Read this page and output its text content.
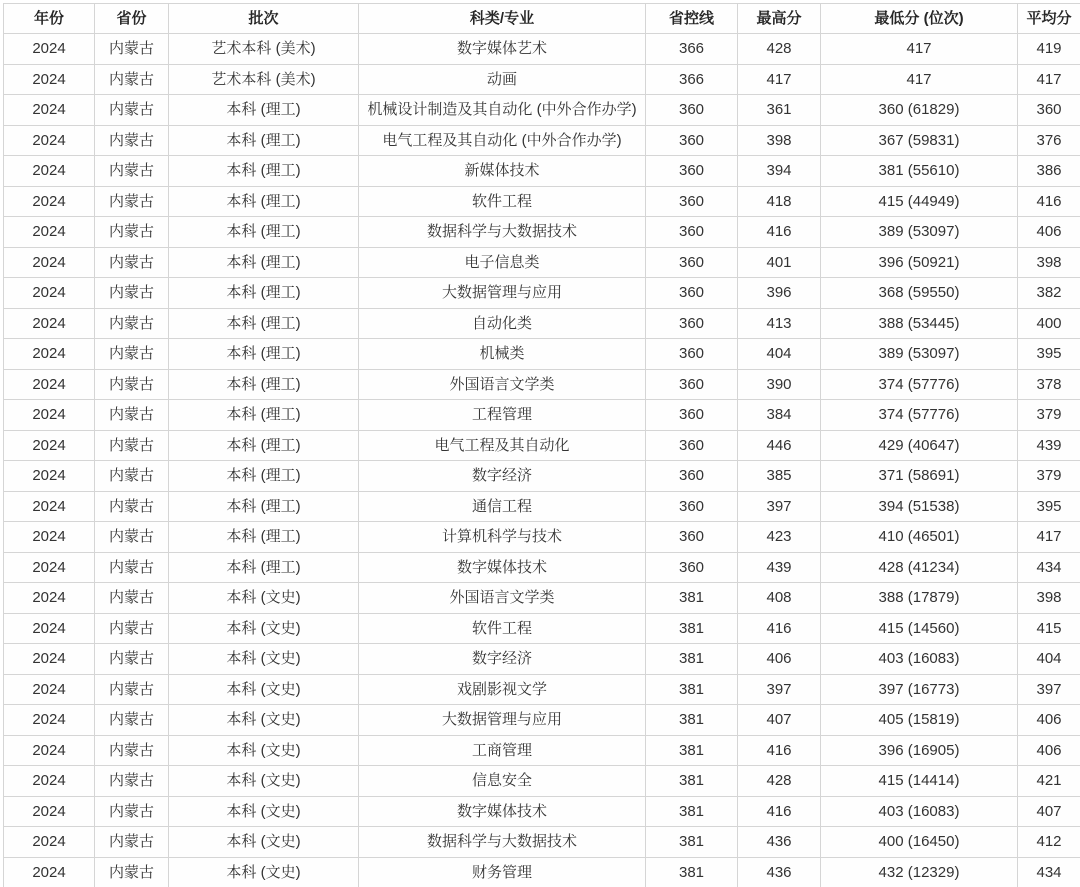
年份	省份	批次	科类/专业	省控线	最高分	最低分 (位次)	平均分
2024	内蒙古	艺术本科 (美术)	数字媒体艺术	366	428	417	419
2024	内蒙古	艺术本科 (美术)	动画	366	417	417	417
2024	内蒙古	本科 (理工)	机械设计制造及其自动化 (中外合作办学)	360	361	360 (61829)	360
2024	内蒙古	本科 (理工)	电气工程及其自动化 (中外合作办学)	360	398	367 (59831)	376
2024	内蒙古	本科 (理工)	新媒体技术	360	394	381 (55610)	386
2024	内蒙古	本科 (理工)	软件工程	360	418	415 (44949)	416
2024	内蒙古	本科 (理工)	数据科学与大数据技术	360	416	389 (53097)	406
2024	内蒙古	本科 (理工)	电子信息类	360	401	396 (50921)	398
2024	内蒙古	本科 (理工)	大数据管理与应用	360	396	368 (59550)	382
2024	内蒙古	本科 (理工)	自动化类	360	413	388 (53445)	400
2024	内蒙古	本科 (理工)	机械类	360	404	389 (53097)	395
2024	内蒙古	本科 (理工)	外国语言文学类	360	390	374 (57776)	378
2024	内蒙古	本科 (理工)	工程管理	360	384	374 (57776)	379
2024	内蒙古	本科 (理工)	电气工程及其自动化	360	446	429 (40647)	439
2024	内蒙古	本科 (理工)	数字经济	360	385	371 (58691)	379
2024	内蒙古	本科 (理工)	通信工程	360	397	394 (51538)	395
2024	内蒙古	本科 (理工)	计算机科学与技术	360	423	410 (46501)	417
2024	内蒙古	本科 (理工)	数字媒体技术	360	439	428 (41234)	434
2024	内蒙古	本科 (文史)	外国语言文学类	381	408	388 (17879)	398
2024	内蒙古	本科 (文史)	软件工程	381	416	415 (14560)	415
2024	内蒙古	本科 (文史)	数字经济	381	406	403 (16083)	404
2024	内蒙古	本科 (文史)	戏剧影视文学	381	397	397 (16773)	397
2024	内蒙古	本科 (文史)	大数据管理与应用	381	407	405 (15819)	406
2024	内蒙古	本科 (文史)	工商管理	381	416	396 (16905)	406
2024	内蒙古	本科 (文史)	信息安全	381	428	415 (14414)	421
2024	内蒙古	本科 (文史)	数字媒体技术	381	416	403 (16083)	407
2024	内蒙古	本科 (文史)	数据科学与大数据技术	381	436	400 (16450)	412
2024	内蒙古	本科 (文史)	财务管理	381	436	432 (12329)	434
